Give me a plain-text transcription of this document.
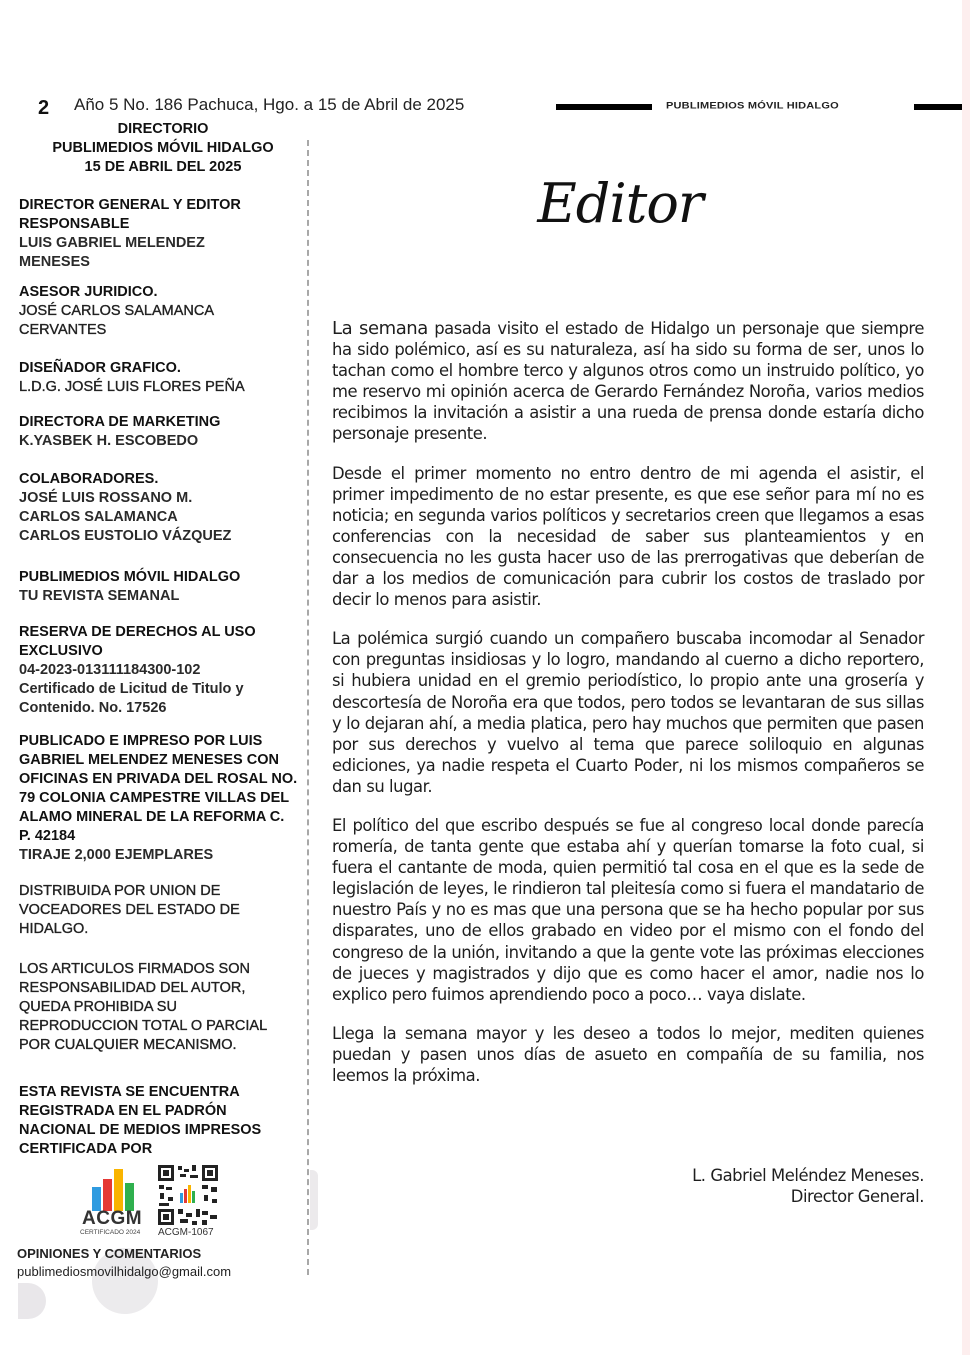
2 Año 5 No. 186 Pachuca, Hgo. a 15 de Abril de 2025	PUBLIMEDIOS MÓVIL HIDALGO
DIRECTORIO
PUBLIMEDIOS MÓVIL HIDALGO
15 DE ABRIL DEL 2025
DIRECTOR GENERAL Y EDITOR RESPONSABLE
LUIS GABRIEL MELENDEZ MENESES
ASESOR JURIDICO.
JOSÉ CARLOS SALAMANCA CERVANTES
DISEÑADOR GRAFICO.
L.D.G. JOSÉ LUIS FLORES PEÑA
DIRECTORA DE MARKETING
K.YASBEK H. ESCOBEDO
COLABORADORES.
JOSÉ LUIS ROSSANO M.
CARLOS SALAMANCA
CARLOS EUSTOLIO VÁZQUEZ
PUBLIMEDIOS MÓVIL HIDALGO
TU REVISTA SEMANAL
RESERVA DE DERECHOS AL USO EXCLUSIVO
04-2023-013111184300-102
Certificado de Licitud de Titulo y Contenido. No. 17526
PUBLICADO E IMPRESO POR LUIS GABRIEL MELENDEZ MENESES CON OFICINAS EN PRIVADA DEL ROSAL NO. 79 COLONIA CAMPESTRE VILLAS DEL ALAMO MINERAL DE LA REFORMA C. P. 42184
TIRAJE 2,000 EJEMPLARES
DISTRIBUIDA POR UNION DE VOCEADORES DEL ESTADO DE HIDALGO.
LOS ARTICULOS FIRMADOS SON RESPONSABILIDAD DEL AUTOR, QUEDA PROHIBIDA SU REPRODUCCION TOTAL O PARCIAL POR CUALQUIER MECANISMO.
ESTA REVISTA SE ENCUENTRA REGISTRADA EN EL PADRÓN NACIONAL DE MEDIOS IMPRESOS CERTIFICADA POR
ACGM
CERTIFICADO 2024 ACGM-1067
OPINIONES Y COMENTARIOS
publimediosmovilhidalgo@gmail.com
Editor

La semana pasada visito el estado de Hidalgo un personaje que siempre ha sido polémico, así es su naturaleza, así ha sido su forma de ser, unos lo tachan como el hombre terco y algunos otros como un instruido político, yo me reservo mi opinión acerca de Gerardo Fernández Noroña, varios medios recibimos la invitación a asistir a una rueda de prensa donde estaría dicho personaje presente.

Desde el primer momento no entro dentro de mi agenda el asistir, el primer impedimento de no estar presente, es que ese señor para mí no es noticia; en segunda varios políticos y secretarios creen que llegamos a esas conferencias con la necesidad de saber sus planteamientos y en consecuencia no les gusta hacer uso de las prerrogativas que deberían de dar a los medios de comunicación para cubrir los costos de traslado por decir lo menos para asistir.

La polémica surgió cuando un compañero buscaba incomodar al Senador con preguntas insidiosas y lo logro, mandando al cuerno a dicho reportero, si hubiera unidad en el gremio periodístico, lo propio ante una grosería y descortesía de Noroña era que todos, pero todos se levantaran de sus sillas y lo dejaran ahí, a media platica, pero hay muchos que permiten que pasen por sus derechos y vuelvo al tema que parece soliloquio en algunas ediciones, ya nadie respeta el Cuarto Poder, ni los mismos compañeros se dan su lugar.

El político del que escribo después se fue al congreso local donde parecía romería, de tanta gente que estaba ahí y querían tomarse la foto cual, si fuera el cantante de moda, quien permitió tal cosa en el que es la sede de legislación de leyes, le rindieron tal pleitesía como si fuera el mandatario de nuestro País y no es mas que una persona que se ha hecho popular por sus disparates, uno de ellos grabado en video por el mismo con el fondo del congreso de la unión, invitando a que la gente vote las próximas elecciones de jueces y magistrados y dijo que es como hacer el amor, nadie nos lo explico pero fuimos aprendiendo poco a poco… vaya dislate.

Llega la semana mayor y les deseo a todos lo mejor, mediten quienes puedan y pasen unos días de asueto en compañía de su familia, nos leemos la próxima.

L. Gabriel Meléndez Meneses.
Director General.
